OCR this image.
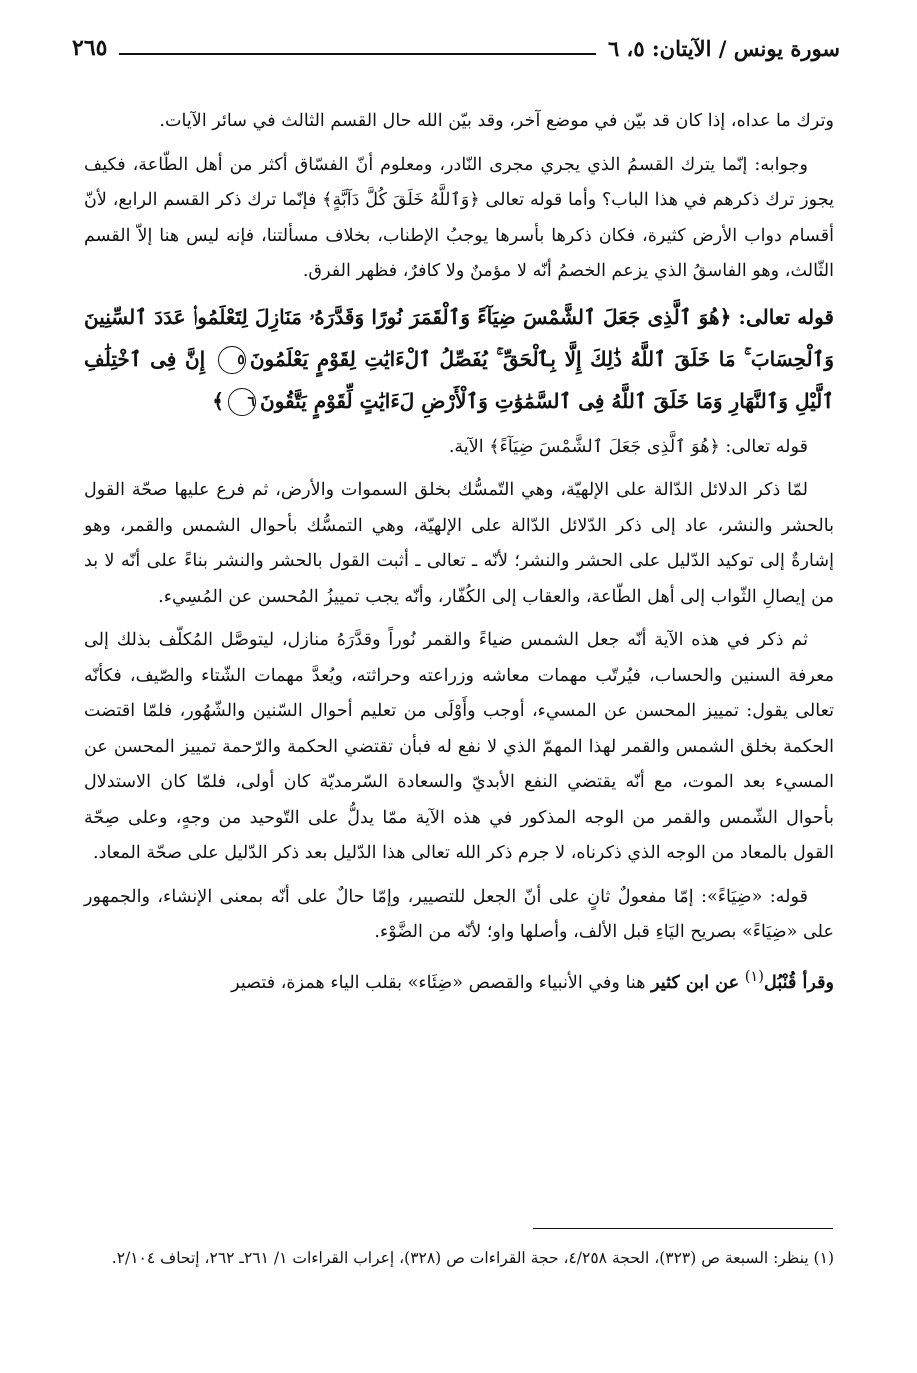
سورة يونس / الآيتان: ٥، ٦
٢٦٥

وترك ما عداه، إذا كان قد بيّن في موضع آخر، وقد بيّن الله حال القسم الثالث في سائر الآيات.

وجوابه: إنّما يترك القسمُ الذي يجري مجرى النّادر، ومعلوم أنّ الفسّاق أكثر من أهل الطّاعة، فكيف يجوز ترك ذكرهم في هذا الباب؟ وأما قوله تعالى ﴿وَٱللَّهُ خَلَقَ كُلَّ دَآبَّةٍ﴾ فإنّما ترك ذكر القسم الرابع، لأنّ أقسام دواب الأرض كثيرة، فكان ذكرها بأسرها يوجبُ الإطناب، بخلاف مسألتنا، فإنه ليس هنا إلاّ القسم الثّالث، وهو الفاسقُ الذي يزعم الخصمُ أنّه لا مؤمنٌ ولا كافرٌ، فظهر الفرق.

قوله تعالى: ﴿هُوَ ٱلَّذِى جَعَلَ ٱلشَّمْسَ ضِيَآءً وَٱلْقَمَرَ نُورًا وَقَدَّرَهُۥ مَنَازِلَ لِتَعْلَمُوا۟ عَدَدَ ٱلسِّنِينَ وَٱلْحِسَابَ ۚ مَا خَلَقَ ٱللَّهُ ذَٰلِكَ إِلَّا بِٱلْحَقِّ ۚ يُفَصِّلُ ٱلْءَايَٰتِ لِقَوْمٍ يَعْلَمُونَ٥ إِنَّ فِى ٱخْتِلَٰفِ ٱلَّيْلِ وَٱلنَّهَارِ وَمَا خَلَقَ ٱللَّهُ فِى ٱلسَّمَٰوَٰتِ وَٱلْأَرْضِ لَءَايَٰتٍ لِّقَوْمٍ يَتَّقُونَ٦﴾

قوله تعالى: ﴿هُوَ ٱلَّذِى جَعَلَ ٱلشَّمْسَ ضِيَآءً﴾ الآية.

لمّا ذكر الدلائل الدّالة على الإلهيّة، وهي التّمسُّك بخلق السموات والأرض، ثم فرع عليها صحّة القول بالحشر والنشر، عاد إلى ذكر الدّلائل الدّالة على الإلهيّة، وهي التمسُّك بأحوال الشمس والقمر، وهو إشارةٌ إلى توكيد الدّليل على الحشر والنشر؛ لأنّه ـ تعالى ـ أثبت القول بالحشر والنشر بناءً على أنّه لا بد من إيصالِ الثّواب إلى أهل الطّاعة، والعقاب إلى الكُفّار، وأنّه يجب تمييزُ المُحسن عن المُسِيء.

ثم ذكر في هذه الآية أنّه جعل الشمس ضياءً والقمر نُوراً وقدَّرَهُ منازل، ليتوصَّل المُكلّف بذلك إلى معرفة السنين والحساب، فيُرتّب مهمات معاشه وزراعته وحراثته، ويُعدَّ مهمات الشّتاء والصّيف، فكأنّه تعالى يقول: تمييز المحسن عن المسيء، أوجب وأَوْلَى من تعليم أحوال السّنين والشّهُور، فلمّا اقتضت الحكمة بخلق الشمس والقمر لهذا المهمّ الذي لا نفع له فبأن تقتضي الحكمة والرّحمة تمييز المحسن عن المسيء بعد الموت، مع أنّه يقتضي النفع الأبديّ والسعادة السّرمديّة كان أولى، فلمّا كان الاستدلال بأحوال الشّمس والقمر من الوجه المذكور في هذه الآية ممّا يدلُّ على التّوحيد من وجهٍ، وعلى صِحّة القول بالمعاد من الوجه الذي ذكرناه، لا جرم ذكر الله تعالى هذا الدّليل بعد ذكر الدّليل على صحّة المعاد.

قوله: «ضِيَاءً»: إمّا مفعولٌ ثانٍ على أنّ الجعل للتصيير، وإمّا حالٌ على أنّه بمعنى الإنشاء، والجمهور على «ضِيَاءً» بصريح اليَاءِ قبل الألف، وأصلها واو؛ لأنّه من الضَّوْء.

وقرأ قُنْبُل$^{(١)}$ عن ابن كثير هنا وفي الأنبياء والقصص «ضِئَاء» بقلب الياء همزة، فتصير

(١) ينظر: السبعة ص (٣٢٣)، الحجة ٤/٢٥٨، حجة القراءات ص (٣٢٨)، إعراب القراءات ١/ ٢٦١ـ ٢٦٢، إتحاف ٢/١٠٤.
